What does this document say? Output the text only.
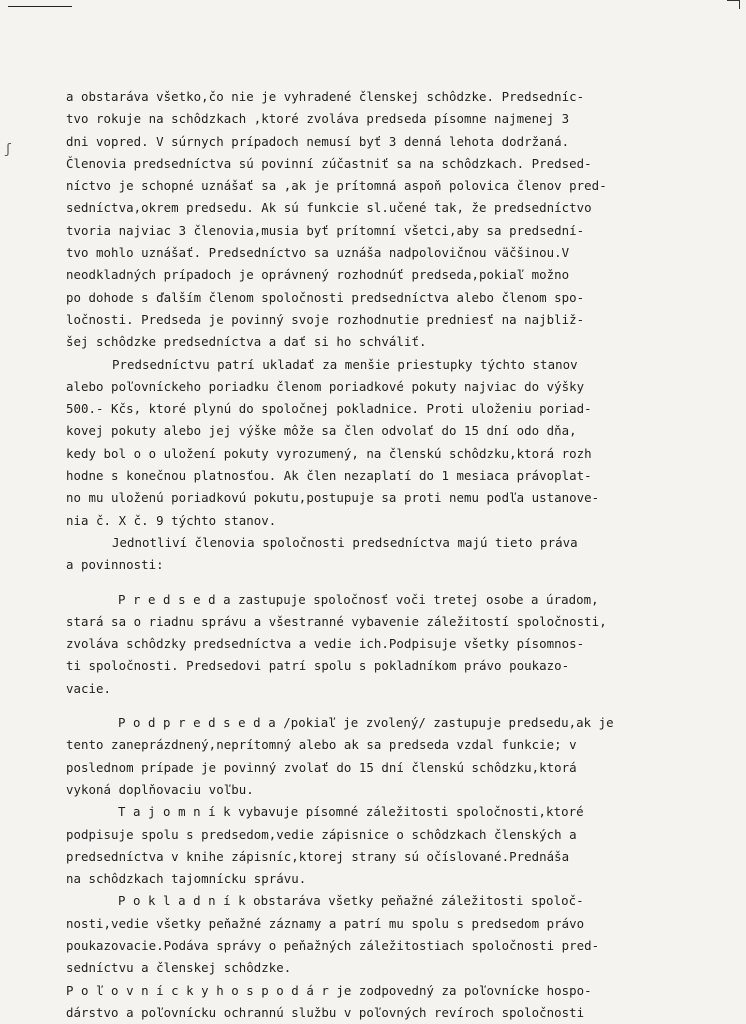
ʃ
a obstaráva všetko,čo nie je vyhradené členskej schôdzke. Predsedníc-
tvo rokuje na schôdzkach ,ktoré zvoláva predseda písomne najmenej 3
dni vopred. V súrnych prípadoch nemusí byť 3 denná lehota dodržaná.
Členovia predsedníctva sú povinní zúčastniť sa na schôdzkach. Predsed-
níctvo je schopné uznášať sa ,ak je prítomná aspoň polovica členov pred-
sedníctva,okrem predsedu. Ak sú funkcie sl.učené tak, že predsedníctvo
tvoria najviac 3 členovia,musia byť prítomní všetci,aby sa predsední-
tvo mohlo uznášať. Predsedníctvo sa uznáša nadpolovičnou väčšinou.V
neodkladných prípadoch je oprávnený rozhodnúť predseda,pokiaľ možno
po dohode s ďalším členom spoločnosti predsedníctva alebo členom spo-
ločnosti. Predseda je povinný svoje rozhodnutie predniesť na najbliž-
šej schôdzke predsedníctva a dať si ho schváliť.
Predsedníctvu patrí ukladať za menšie priestupky týchto stanov
alebo poľovníckeho poriadku členom poriadkové pokuty najviac do výšky
500.- Kčs, ktoré plynú do spoločnej pokladnice. Proti uloženiu poriad-
kovej pokuty alebo jej výške môže sa člen odvolať do 15 dní odo dňa,
kedy bol o o uložení pokuty vyrozumený, na členskú schôdzku,ktorá rozh
hodne s konečnou platnosťou. Ak člen nezaplatí do 1 mesiaca právoplat-
no mu uloženú poriadkovú pokutu,postupuje sa proti nemu podľa ustanove-
nia č. X č. 9 týchto stanov.
Jednotliví členovia spoločnosti predsedníctva majú tieto práva
a povinnosti:
P r e d s e d a zastupuje spoločnosť voči tretej osobe a úradom,
stará sa o riadnu správu a všestranné vybavenie záležitostí spoločnosti,
zvoláva schôdzky predsedníctva a vedie ich.Podpisuje všetky písomnos-
ti spoločnosti. Predsedovi patrí spolu s pokladníkom právo poukazo-
vacie.
P o d p r e d s e d a /pokiaľ je zvolený/ zastupuje predsedu,ak je
tento zaneprázdnený,neprítomný alebo ak sa predseda vzdal funkcie; v
poslednom prípade je povinný zvolať do 15 dní členskú schôdzku,ktorá
vykoná doplňovaciu voľbu.
T a j o m n í k vybavuje písomné záležitosti spoločnosti,ktoré
podpisuje spolu s predsedom,vedie zápisnice o schôdzkach členských a
predsedníctva v knihe zápisníc,ktorej strany sú očíslované.Prednáša
na schôdzkach tajomnícku správu.
P o k l a d n í k obstaráva všetky peňažné záležitosti spoloč-
nosti,vedie všetky peňažné záznamy a patrí mu spolu s predsedom právo
poukazovacie.Podáva správy o peňažných záležitostiach spoločnosti pred-
sedníctvu a členskej schôdzke.
P o ľ o v n í c k y h o s p o d á r je zodpovedný za poľovnícke hospo-
dárstvo a poľovnícku ochrannú službu v poľovných revíroch spoločnosti
